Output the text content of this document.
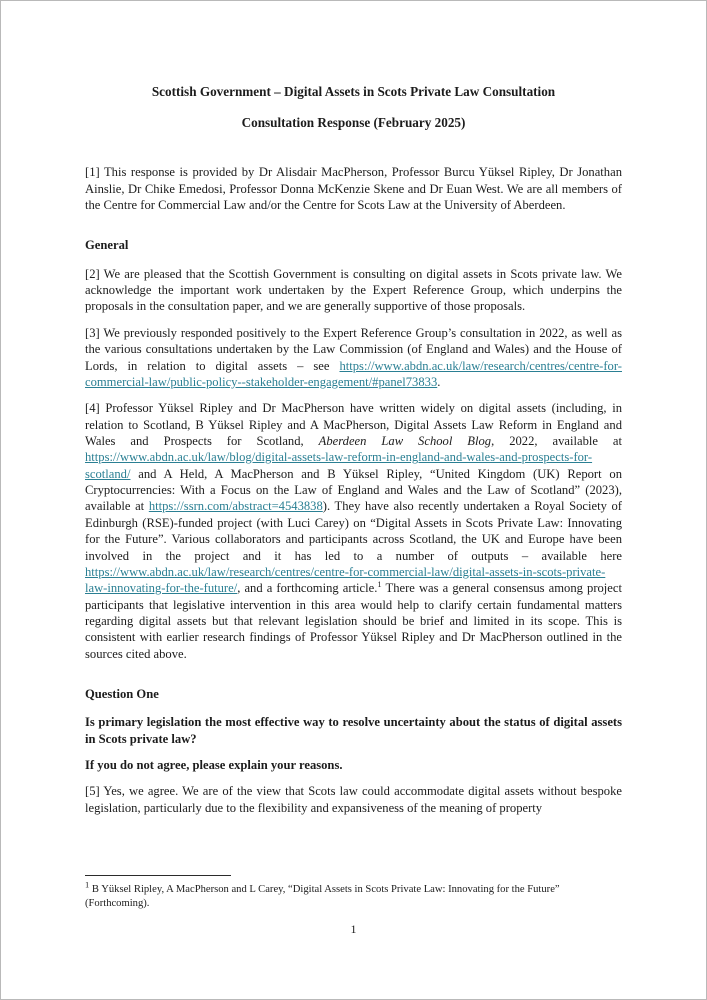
Scottish Government – Digital Assets in Scots Private Law Consultation

Consultation Response (February 2025)

[1] This response is provided by Dr Alisdair MacPherson, Professor Burcu Yüksel Ripley, Dr Jonathan Ainslie, Dr Chike Emedosi, Professor Donna McKenzie Skene and Dr Euan West. We are all members of the Centre for Commercial Law and/or the Centre for Scots Law at the University of Aberdeen.

General

[2] We are pleased that the Scottish Government is consulting on digital assets in Scots private law. We acknowledge the important work undertaken by the Expert Reference Group, which underpins the proposals in the consultation paper, and we are generally supportive of those proposals.

[3] We previously responded positively to the Expert Reference Group’s consultation in 2022, as well as the various consultations undertaken by the Law Commission (of England and Wales) and the House of Lords, in relation to digital assets – see https://www.abdn.ac.uk/law/research/centres/centre-for-commercial-law/public-policy--stakeholder-engagement/#panel73833.

[4] Professor Yüksel Ripley and Dr MacPherson have written widely on digital assets (including, in relation to Scotland, B Yüksel Ripley and A MacPherson, Digital Assets Law Reform in England and Wales and Prospects for Scotland, Aberdeen Law School Blog, 2022, available at https://www.abdn.ac.uk/law/blog/digital-assets-law-reform-in-england-and-wales-and-prospects-for-scotland/ and A Held, A MacPherson and B Yüksel Ripley, “United Kingdom (UK) Report on Cryptocurrencies: With a Focus on the Law of England and Wales and the Law of Scotland” (2023), available at https://ssrn.com/abstract=4543838). They have also recently undertaken a Royal Society of Edinburgh (RSE)-funded project (with Luci Carey) on “Digital Assets in Scots Private Law: Innovating for the Future”. Various collaborators and participants across Scotland, the UK and Europe have been involved in the project and it has led to a number of outputs – available here https://www.abdn.ac.uk/law/research/centres/centre-for-commercial-law/digital-assets-in-scots-private-law-innovating-for-the-future/, and a forthcoming article.$^1$ There was a general consensus among project participants that legislative intervention in this area would help to clarify certain fundamental matters regarding digital assets but that relevant legislation should be brief and limited in its scope. This is consistent with earlier research findings of Professor Yüksel Ripley and Dr MacPherson outlined in the sources cited above.

Question One

Is primary legislation the most effective way to resolve uncertainty about the status of digital assets in Scots private law?

If you do not agree, please explain your reasons.

[5] Yes, we agree. We are of the view that Scots law could accommodate digital assets without bespoke legislation, particularly due to the flexibility and expansiveness of the meaning of property

$^1$ B Yüksel Ripley, A MacPherson and L Carey, “Digital Assets in Scots Private Law: Innovating for the Future” (Forthcoming).
1
